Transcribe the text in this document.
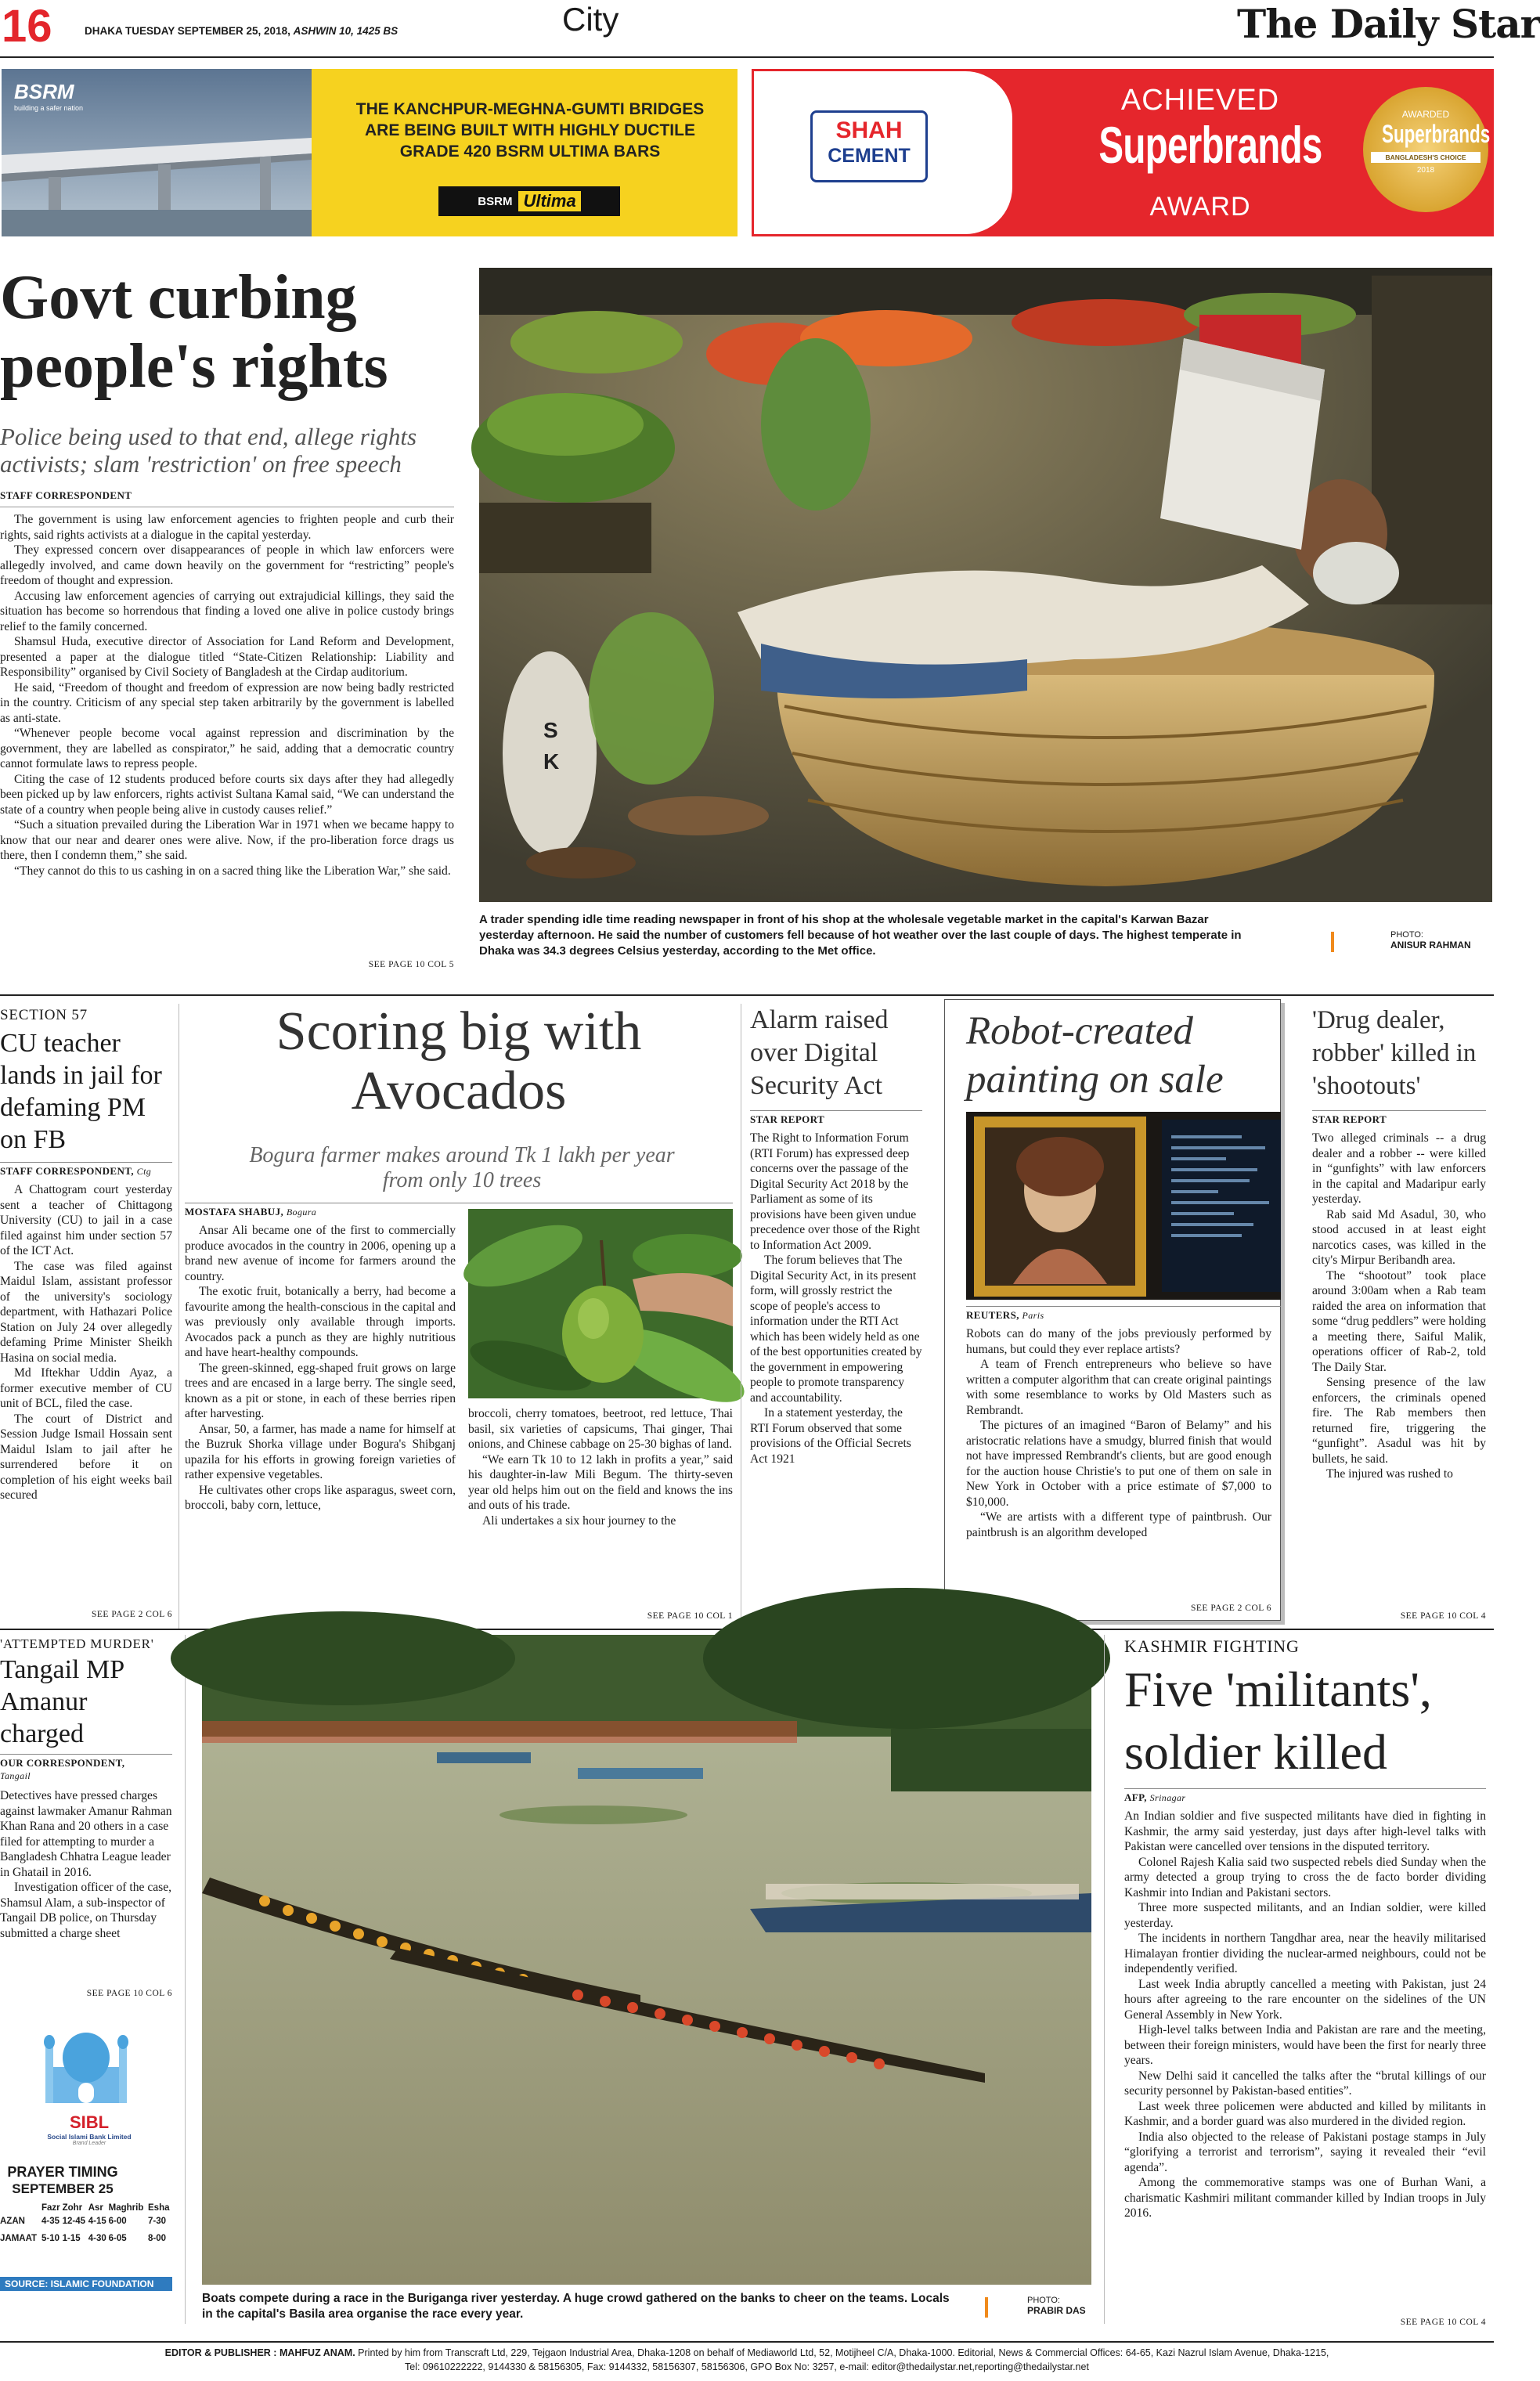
16	DHAKA TUESDAY SEPTEMBER 25, 2018, ASHWIN 10, 1425 BS	City	The Daily Star
BSRM
building a safer nation	THE KANCHPUR-MEGHNA-GUMTI BRIDGES ARE BEING BUILT WITH HIGHLY DUCTILE GRADE 420 BSRM ULTIMA BARS
BSRM Ultima
SHAH
CEMENT
ACHIEVED
Superbrands
AWARD
AWARDED
Superbrands
BANGLADESH'S CHOICE
2018
Govt curbing people's rights
Police being used to that end, allege rights activists; slam 'restriction' on free speech
STAFF CORRESPONDENT

The government is using law enforcement agencies to frighten people and curb their rights, said rights activists at a dialogue in the capital yesterday.

They expressed concern over disappearances of people in which law enforcers were allegedly involved, and came down heavily on the government for “restricting” people's freedom of thought and expression.

Accusing law enforcement agencies of carrying out extrajudicial killings, they said the situation has become so horrendous that finding a loved one alive in police custody brings relief to the family concerned.

Shamsul Huda, executive director of Association for Land Reform and Development, presented a paper at the dialogue titled “State-Citizen Relationship: Liability and Responsibility” organised by Civil Society of Bangladesh at the Cirdap auditorium.

He said, “Freedom of thought and freedom of expression are now being badly restricted in the country. Criticism of any special step taken arbitrarily by the government is labelled as anti-state.

“Whenever people become vocal against repression and discrimination by the government, they are labelled as conspirator,” he said, adding that a democratic country cannot formulate laws to repress people.

Citing the case of 12 students produced before courts six days after they had allegedly been picked up by law enforcers, rights activist Sultana Kamal said, “We can understand the state of a country when people being alive in custody causes relief.”

“Such a situation prevailed during the Liberation War in 1971 when we became happy to know that our near and dearer ones were alive. Now, if the pro-liberation force drags us there, then I condemn them,” she said.

“They cannot do this to us cashing in on a sacred thing like the Liberation War,” she said.

SEE PAGE 10 COL 5
S
K
A trader spending idle time reading newspaper in front of his shop at the wholesale vegetable market in the capital's Karwan Bazar yesterday afternoon. He said the number of customers fell because of hot weather over the last couple of days. The highest temperate in Dhaka was 34.3 degrees Celsius yesterday, according to the Met office.
PHOTO:
ANISUR RAHMAN
SECTION 57
CU teacher lands in jail for defaming PM on FB
STAFF CORRESPONDENT, Ctg

A Chattogram court yesterday sent a teacher of Chittagong University (CU) to jail in a case filed against him under section 57 of the ICT Act.

The case was filed against Maidul Islam, assistant professor of the university's sociology department, with Hathazari Police Station on July 24 over allegedly defaming Prime Minister Sheikh Hasina on social media.

Md Iftekhar Uddin Ayaz, a former executive member of CU unit of BCL, filed the case.

The court of District and Session Judge Ismail Hossain sent Maidul Islam to jail after he surrendered before it on completion of his eight weeks bail secured

SEE PAGE 2 COL 6
Scoring big with Avocados
Bogura farmer makes around Tk 1 lakh per year from only 10 trees
MOSTAFA SHABUJ, Bogura

Ansar Ali became one of the first to commercially produce avocados in the country in 2006, opening up a brand new avenue of income for farmers around the country.

The exotic fruit, botanically a berry, had become a favourite among the health-conscious in the capital and was previously only available through imports. Avocados pack a punch as they are highly nutritious and have heart-healthy compounds.

The green-skinned, egg-shaped fruit grows on large trees and are encased in a large berry. The single seed, known as a pit or stone, in each of these berries ripen after harvesting.

Ansar, 50, a farmer, has made a name for himself at the Buzruk Shorka village under Bogura's Shibganj upazila for his efforts in growing foreign varieties of rather expensive vegetables.

He cultivates other crops like asparagus, sweet corn, broccoli, baby corn, lettuce,

broccoli, cherry tomatoes, beetroot, red lettuce, Thai basil, six varieties of capsicums, Thai ginger, Thai onions, and Chinese cabbage on 25-30 bighas of land.

“We earn Tk 10 to 12 lakh in profits a year,” said his daughter-in-law Mili Begum. The thirty-seven year old helps him out on the field and knows the ins and outs of his trade.

Ali undertakes a six hour journey to the

SEE PAGE 10 COL 1
Alarm raised over Digital Security Act
STAR REPORT

The Right to Information Forum (RTI Forum) has expressed deep concerns over the passage of the Digital Security Act 2018 by the Parliament as some of its provisions have been given undue precedence over those of the Right to Information Act 2009.

The forum believes that The Digital Security Act, in its present form, will grossly restrict the scope of people's access to information under the RTI Act which has been widely held as one of the best opportunities created by the government in empowering people to promote transparency and accountability.

In a statement yesterday, the RTI Forum observed that some provisions of the Official Secrets Act 1921

Robot-created painting on sale
REUTERS, Paris

Robots can do many of the jobs previously performed by humans, but could they ever replace artists?

A team of French entrepreneurs who believe so have written a computer algorithm that can create original paintings with some resemblance to works by Old Masters such as Rembrandt.

The pictures of an imagined “Baron of Belamy” and his aristocratic relations have a smudgy, blurred finish that would not have impressed Rembrandt's clients, but are good enough for the auction house Christie's to put one of them on sale in New York in October with a price estimate of $7,000 to $10,000.

“We are artists with a different type of paintbrush. Our paintbrush is an algorithm developed

SEE PAGE 2 COL 6
'Drug dealer, robber' killed in 'shootouts'
STAR REPORT

Two alleged criminals -- a drug dealer and a robber -- were killed in “gunfights” with law enforcers in the capital and Madaripur early yesterday.

Rab said Md Asadul, 30, who stood accused in at least eight narcotics cases, was killed in the city's Mirpur Beribandh area.

The “shootout” took place around 3:00am when a Rab team raided the area on information that some “drug peddlers” were holding a meeting there, Saiful Malik, operations officer of Rab-2, told The Daily Star.

Sensing presence of the law enforcers, the criminals opened fire. The Rab members then returned fire, triggering the “gunfight”. Asadul was hit by bullets, he said.

The injured was rushed to

SEE PAGE 10 COL 4
'ATTEMPTED MURDER'
Tangail MP Amanur charged
OUR CORRESPONDENT,
Tangail

Detectives have pressed charges against lawmaker Amanur Rahman Khan Rana and 20 others in a case filed for attempting to murder a Bangladesh Chhatra League leader in Ghatail in 2016.

Investigation officer of the case, Shamsul Alam, a sub-inspector of Tangail DB police, on Thursday submitted a charge sheet

SEE PAGE 10 COL 6
SIBL
Social Islami Bank Limited
Brand Leader
PRAYER TIMING
SEPTEMBER 25
	Fazr	Zohr	Asr	Maghrib	Esha
AZAN	4-35	12-45	4-15	6-00	7-30
JAMAAT	5-10	1-15	4-30	6-05	8-00
SOURCE: ISLAMIC FOUNDATION
Boats compete during a race in the Buriganga river yesterday. A huge crowd gathered on the banks to cheer on the teams. Locals in the capital's Basila area organise the race every year.
PHOTO:
PRABIR DAS
KASHMIR FIGHTING
Five 'militants', soldier killed
AFP, Srinagar

An Indian soldier and five suspected militants have died in fighting in Kashmir, the army said yesterday, just days after high-level talks with Pakistan were cancelled over tensions in the disputed territory.

Colonel Rajesh Kalia said two suspected rebels died Sunday when the army detected a group trying to cross the de facto border dividing Kashmir into Indian and Pakistani sectors.

Three more suspected militants, and an Indian soldier, were killed yesterday.

The incidents in northern Tangdhar area, near the heavily militarised Himalayan frontier dividing the nuclear-armed neighbours, could not be independently verified.

Last week India abruptly cancelled a meeting with Pakistan, just 24 hours after agreeing to the rare encounter on the sidelines of the UN General Assembly in New York.

High-level talks between India and Pakistan are rare and the meeting, between their foreign ministers, would have been the first for nearly three years.

New Delhi said it cancelled the talks after the “brutal killings of our security personnel by Pakistan-based entities”.

Last week three policemen were abducted and killed by militants in Kashmir, and a border guard was also murdered in the divided region.

India also objected to the release of Pakistani postage stamps in July “glorifying a terrorist and terrorism”, saying it revealed their “evil agenda”.

Among the commemorative stamps was one of Burhan Wani, a charismatic Kashmiri militant commander killed by Indian troops in July 2016.

SEE PAGE 10 COL 4
EDITOR & PUBLISHER : MAHFUZ ANAM. Printed by him from Transcraft Ltd, 229, Tejgaon Industrial Area, Dhaka-1208 on behalf of Mediaworld Ltd, 52, Motijheel C/A, Dhaka-1000. Editorial, News & Commercial Offices: 64-65, Kazi Nazrul Islam Avenue, Dhaka-1215,
Tel: 09610222222, 9144330 & 58156305, Fax: 9144332, 58156307, 58156306, GPO Box No: 3257, e-mail: editor@thedailystar.net,reporting@thedailystar.net
